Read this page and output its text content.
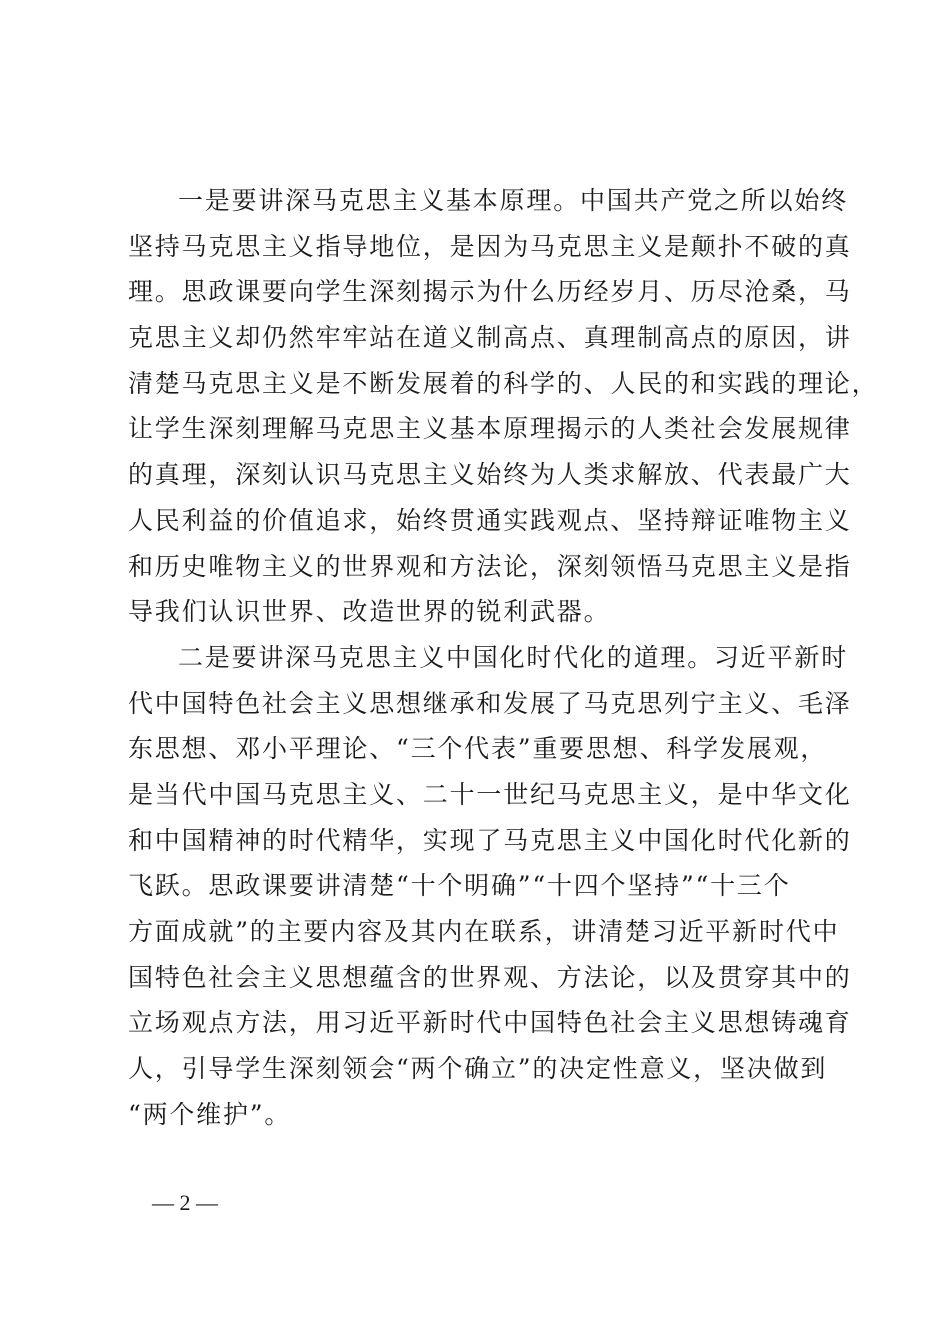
一是要讲深马克思主义基本原理。中国共产党之所以始终
坚持马克思主义指导地位，是因为马克思主义是颠扑不破的真
理。思政课要向学生深刻揭示为什么历经岁月、历尽沧桑，马
克思主义却仍然牢牢站在道义制高点、真理制高点的原因，讲
清楚马克思主义是不断发展着的科学的、人民的和实践的理论，
让学生深刻理解马克思主义基本原理揭示的人类社会发展规律
的真理，深刻认识马克思主义始终为人类求解放、代表最广大
人民利益的价值追求，始终贯通实践观点、坚持辩证唯物主义
和历史唯物主义的世界观和方法论，深刻领悟马克思主义是指
导我们认识世界、改造世界的锐利武器。
二是要讲深马克思主义中国化时代化的道理。习近平新时
代中国特色社会主义思想继承和发展了马克思列宁主义、毛泽
东思想、邓小平理论、“三个代表”重要思想、科学发展观，
是当代中国马克思主义、二十一世纪马克思主义，是中华文化
和中国精神的时代精华，实现了马克思主义中国化时代化新的
飞跃。思政课要讲清楚“十个明确”“十四个坚持”“十三个
方面成就”的主要内容及其内在联系，讲清楚习近平新时代中
国特色社会主义思想蕴含的世界观、方法论，以及贯穿其中的
立场观点方法，用习近平新时代中国特色社会主义思想铸魂育
人，引导学生深刻领会“两个确立”的决定性意义，坚决做到
“两个维护”。
— 2 —
